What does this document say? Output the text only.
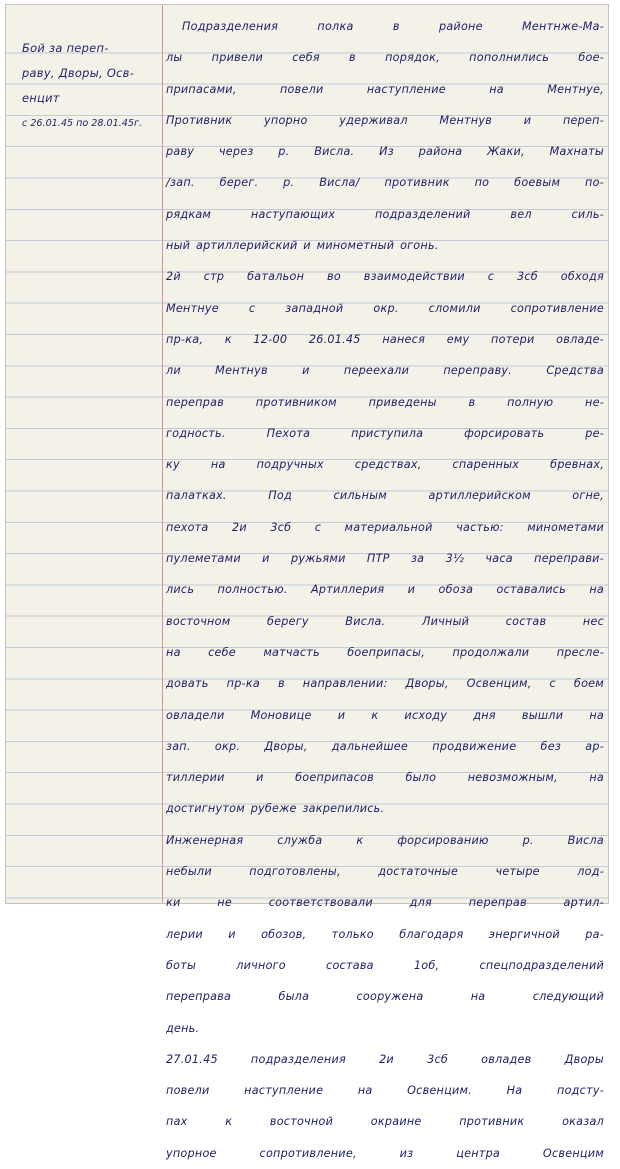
Бой за переп-
раву, Дворы, Осв-
енцит
с 26.01.45 по 28.01.45г.
Подразделения полка в районе Ментнже-Ма-
лы привели себя в порядок, пополнились бое-
припасами, повели наступление на Ментнуе,
Противник упорно удерживал Ментнув и переп-
раву через р. Висла. Из района Жаки, Махнаты
/зап. берег. р. Висла/ противник по боевым по-
рядкам наступающих подразделений вел силь-
ный артиллерийский и минометный огонь.
2й стр батальон во взаимодействии с 3сб обходя
Ментнуе с западной окр. сломили сопротивление
пр-ка, к 12-00 26.01.45 нанеся ему потери овладе-
ли Ментнув и переехали переправу. Средства
переправ противником приведены в полную не-
годность. Пехота приступила форсировать ре-
ку на подручных средствах, спаренных бревнах,
палатках. Под сильным артиллерийском огне,
пехота 2и 3сб с материальной частью: минометами
пулеметами и ружьями ПТР за 3½ часа переправи-
лись полностью. Артиллерия и обоза оставались на
восточном берегу Висла. Личный состав нес
на себе матчасть боеприпасы, продолжали пресле-
довать пр-ка в направлении: Дворы, Освенцим, с боем
овладели Моновице и к исходу дня вышли на
зап. окр. Дворы, дальнейшее продвижение без ар-
тиллерии и боеприпасов было невозможным, на
достигнутом рубеже закрепились.
Инженерная служба к форсированию р. Висла
небыли подготовлены, достаточные четыре лод-
ки не соответствовали для переправ артил-
лерии и обозов, только благодаря энергичной ра-
боты личного состава 1об, спецподразделений
переправа была сооружена на следующий
день.
27.01.45 подразделения 2и 3сб овладев Дворы
повели наступление на Освенцим. На подсту-
пах к восточной окраине противник оказал
упорное сопротивление, из центра Освенцим
